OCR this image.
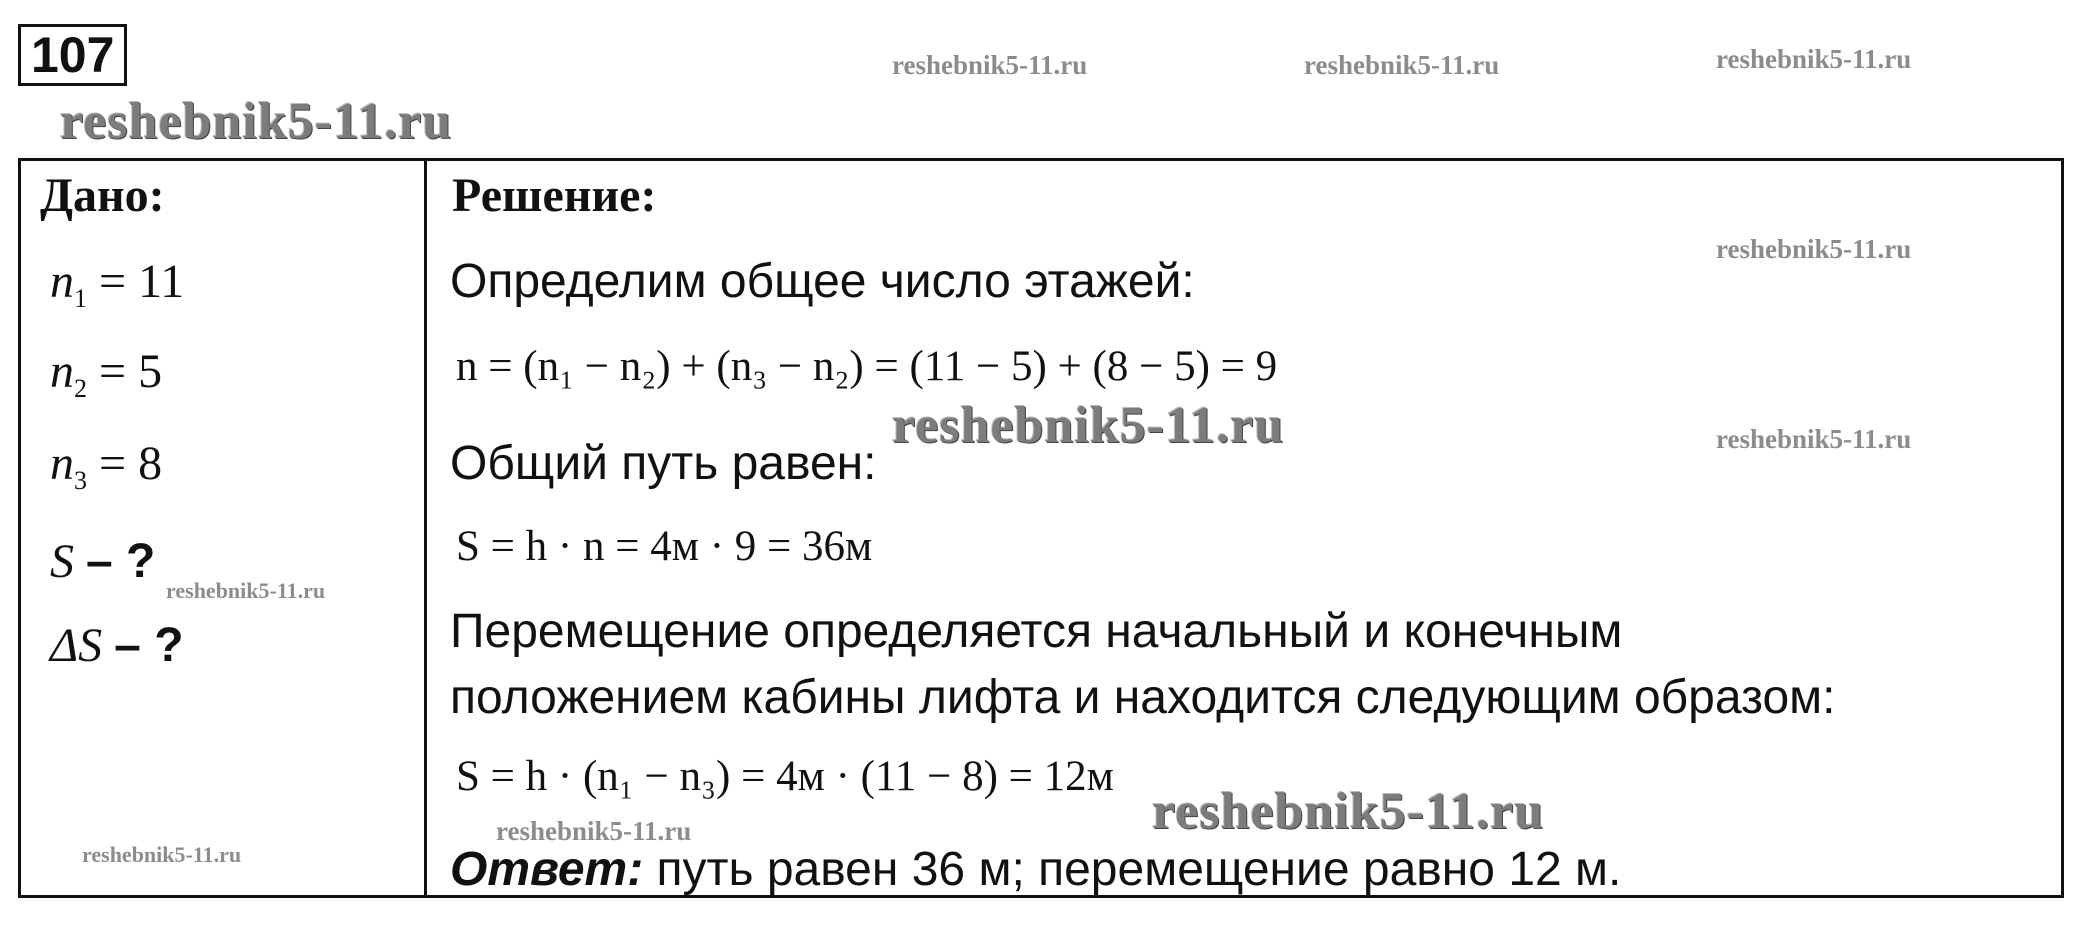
107
reshebnik5-11.ru
reshebnik5-11.ru	reshebnik5-11.ru	reshebnik5-11.ru
Дано:
$n_1 = 11$
$n_2 = 5$
$n_3 = 8$
S – ?
ΔS – ?
reshebnik5-11.ru
reshebnik5-11.ru
Решение:
reshebnik5-11.ru
Определим общее число этажей:
n = (n₁ − n₂) + (n₃ − n₂) = (11 − 5) + (8 − 5) = 9
Общий путь равен:
reshebnik5-11.ru	reshebnik5-11.ru
S = h · n = 4м · 9 = 36м
Перемещение определяется начальный и конечным
положением кабины лифта и находится следующим образом:
S = h · (n₁ − n₃) = 4м · (11 − 8) = 12м
reshebnik5-11.ru
reshebnik5-11.ru
Ответ: путь равен 36 м; перемещение равно 12 м.
